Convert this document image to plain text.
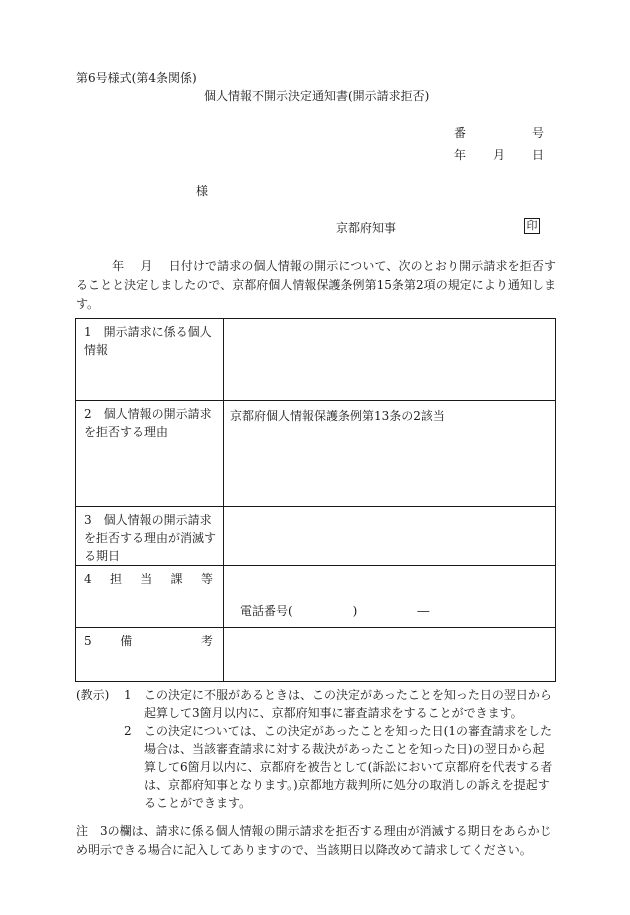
第6号様式(第4条関係)
個人情報不開示決定通知書(開示請求拒否)
番	号
年 月 日
様
京都府知事	印
年 月 日付けで請求の個人情報の開示について、次のとおり開示請求を拒否することと決定しましたので、京都府個人情報保護条例第15条第2項の規定により通知します。
1　開示請求に係る個人情報	
2　個人情報の開示請求を拒否する理由	京都府個人情報保護条例第13条の2該当
3　個人情報の開示請求を拒否する理由が消滅する期日	

4 担 当 課 等	電話番号(　　　　　)　　　　　―

5 備 考	

(教示) 1 この決定に不服があるときは、この決定があったことを知った日の翌日から起算して3箇月以内に、京都府知事に審査請求をすることができます。
2 この決定については、この決定があったことを知った日(1の審査請求をした場合は、当該審査請求に対する裁決があったことを知った日)の翌日から起算して6箇月以内に、京都府を被告として(訴訟において京都府を代表する者は、京都府知事となります。)京都地方裁判所に処分の取消しの訴えを提起することができます。
注　3の欄は、請求に係る個人情報の開示請求を拒否する理由が消滅する期日をあらかじめ明示できる場合に記入してありますので、当該期日以降改めて請求してください。
